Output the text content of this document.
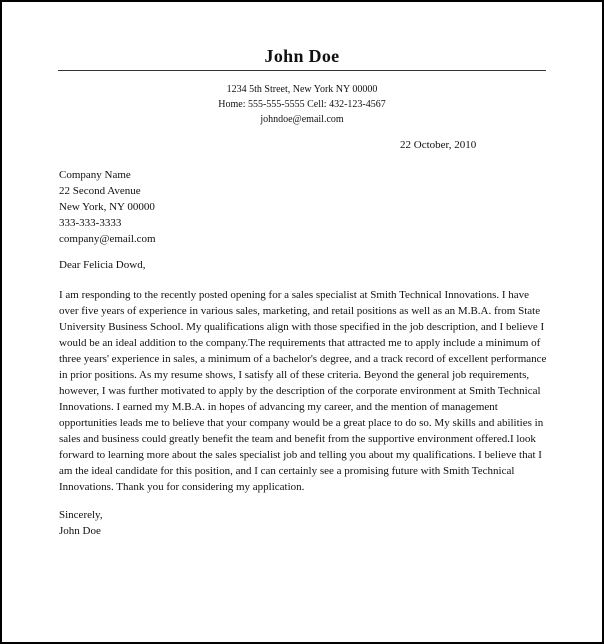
John Doe
1234 5th Street, New York NY 00000
Home: 555-555-5555 Cell: 432-123-4567
johndoe@email.com
22 October, 2010
Company Name
22 Second Avenue
New York, NY 00000
333-333-3333
company@email.com
Dear Felicia Dowd,
I am responding to the recently posted opening for a sales specialist at Smith Technical Innovations. I have
over five years of experience in various sales, marketing, and retail positions as well as an M.B.A. from State
University Business School. My qualifications align with those specified in the job description, and I believe I
would be an ideal addition to the company.The requirements that attracted me to apply include a minimum of
three years' experience in sales, a minimum of a bachelor's degree, and a track record of excellent performance
in prior positions. As my resume shows, I satisfy all of these criteria. Beyond the general job requirements,
however, I was further motivated to apply by the description of the corporate environment at Smith Technical
Innovations. I earned my M.B.A. in hopes of advancing my career, and the mention of management
opportunities leads me to believe that your company would be a great place to do so. My skills and abilities in
sales and business could greatly benefit the team and benefit from the supportive environment offered.I look
forward to learning more about the sales specialist job and telling you about my qualifications. I believe that I
am the ideal candidate for this position, and I can certainly see a promising future with Smith Technical
Innovations. Thank you for considering my application.
Sincerely,
John Doe
